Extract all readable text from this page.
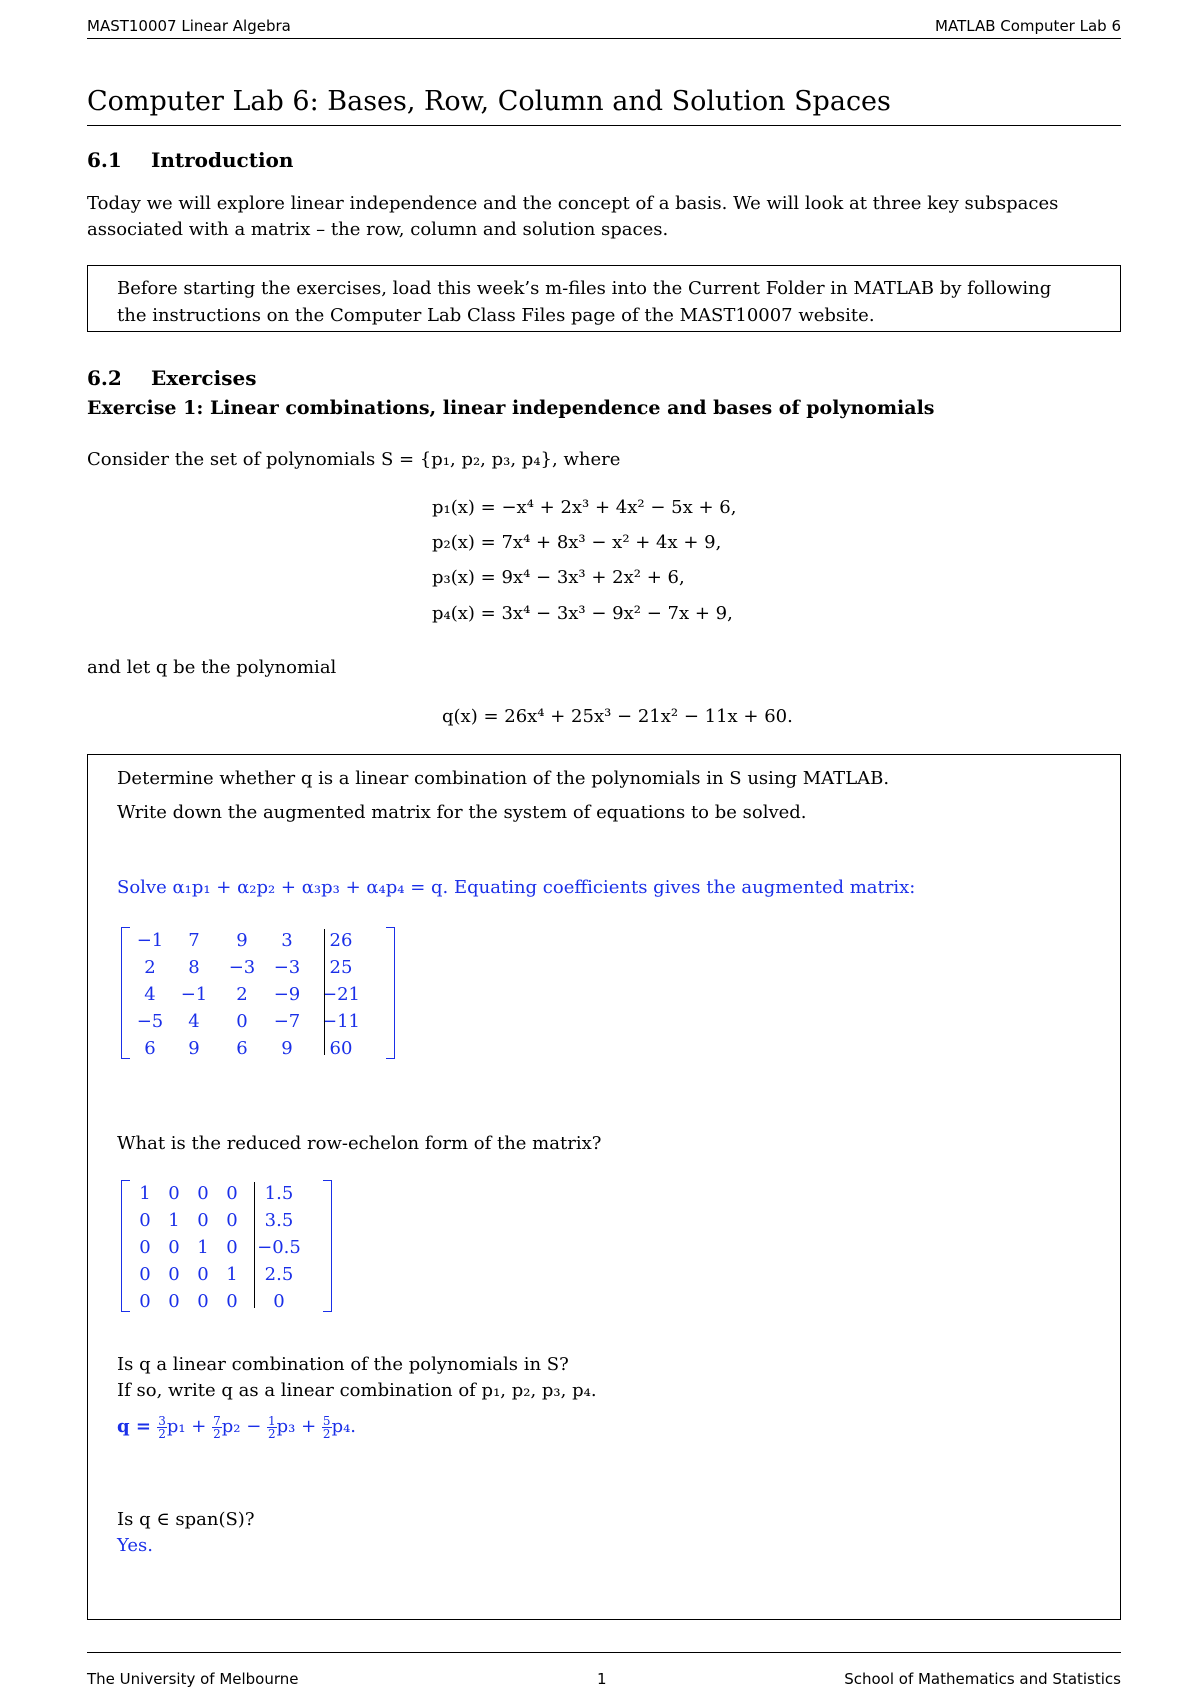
MAST10007 Linear Algebra	MATLAB Computer Lab 6
Computer Lab 6: Bases, Row, Column and Solution Spaces
6.1 Introduction
Today we will explore linear independence and the concept of a basis. We will look at three key subspaces
associated with a matrix – the row, column and solution spaces.
Before starting the exercises, load this week’s m-files into the Current Folder in MATLAB by following
the instructions on the Computer Lab Class Files page of the MAST10007 website.
6.2 Exercises
Exercise 1: Linear combinations, linear independence and bases of polynomials
Consider the set of polynomials S = {p₁, p₂, p₃, p₄}, where
p₁(x) = −x⁴ + 2x³ + 4x² − 5x + 6,
p₂(x) = 7x⁴ + 8x³ − x² + 4x + 9,
p₃(x) = 9x⁴ − 3x³ + 2x² + 6,
p₄(x) = 3x⁴ − 3x³ − 9x² − 7x + 9,
and let q be the polynomial
q(x) = 26x⁴ + 25x³ − 21x² − 11x + 60.
Determine whether q is a linear combination of the polynomials in S using MATLAB.
Write down the augmented matrix for the system of equations to be solved.
Solve α₁p₁ + α₂p₂ + α₃p₃ + α₄p₄ = q. Equating coefficients gives the augmented matrix:
−1	7	9	3	26
2	8	−3	−3	25
4	−1	2	−9	−21
−5	4	0	−7	−11
6	9	6	9	60
What is the reduced row-echelon form of the matrix?
1	0	0	0	1.5
0	1	0	0	3.5
0	0	1	0	−0.5
0	0	0	1	2.5
0	0	0	0	0
Is q a linear combination of the polynomials in S?
If so, write q as a linear combination of p₁, p₂, p₃, p₄.
$q = \frac{3}{2} p_1 + \frac{7}{2} p_2 - \frac{1}{2} p_3 + \frac{5}{2} p_4$.
Is q ∈ span(S)?
Yes.
The University of Melbourne	1	School of Mathematics and Statistics
